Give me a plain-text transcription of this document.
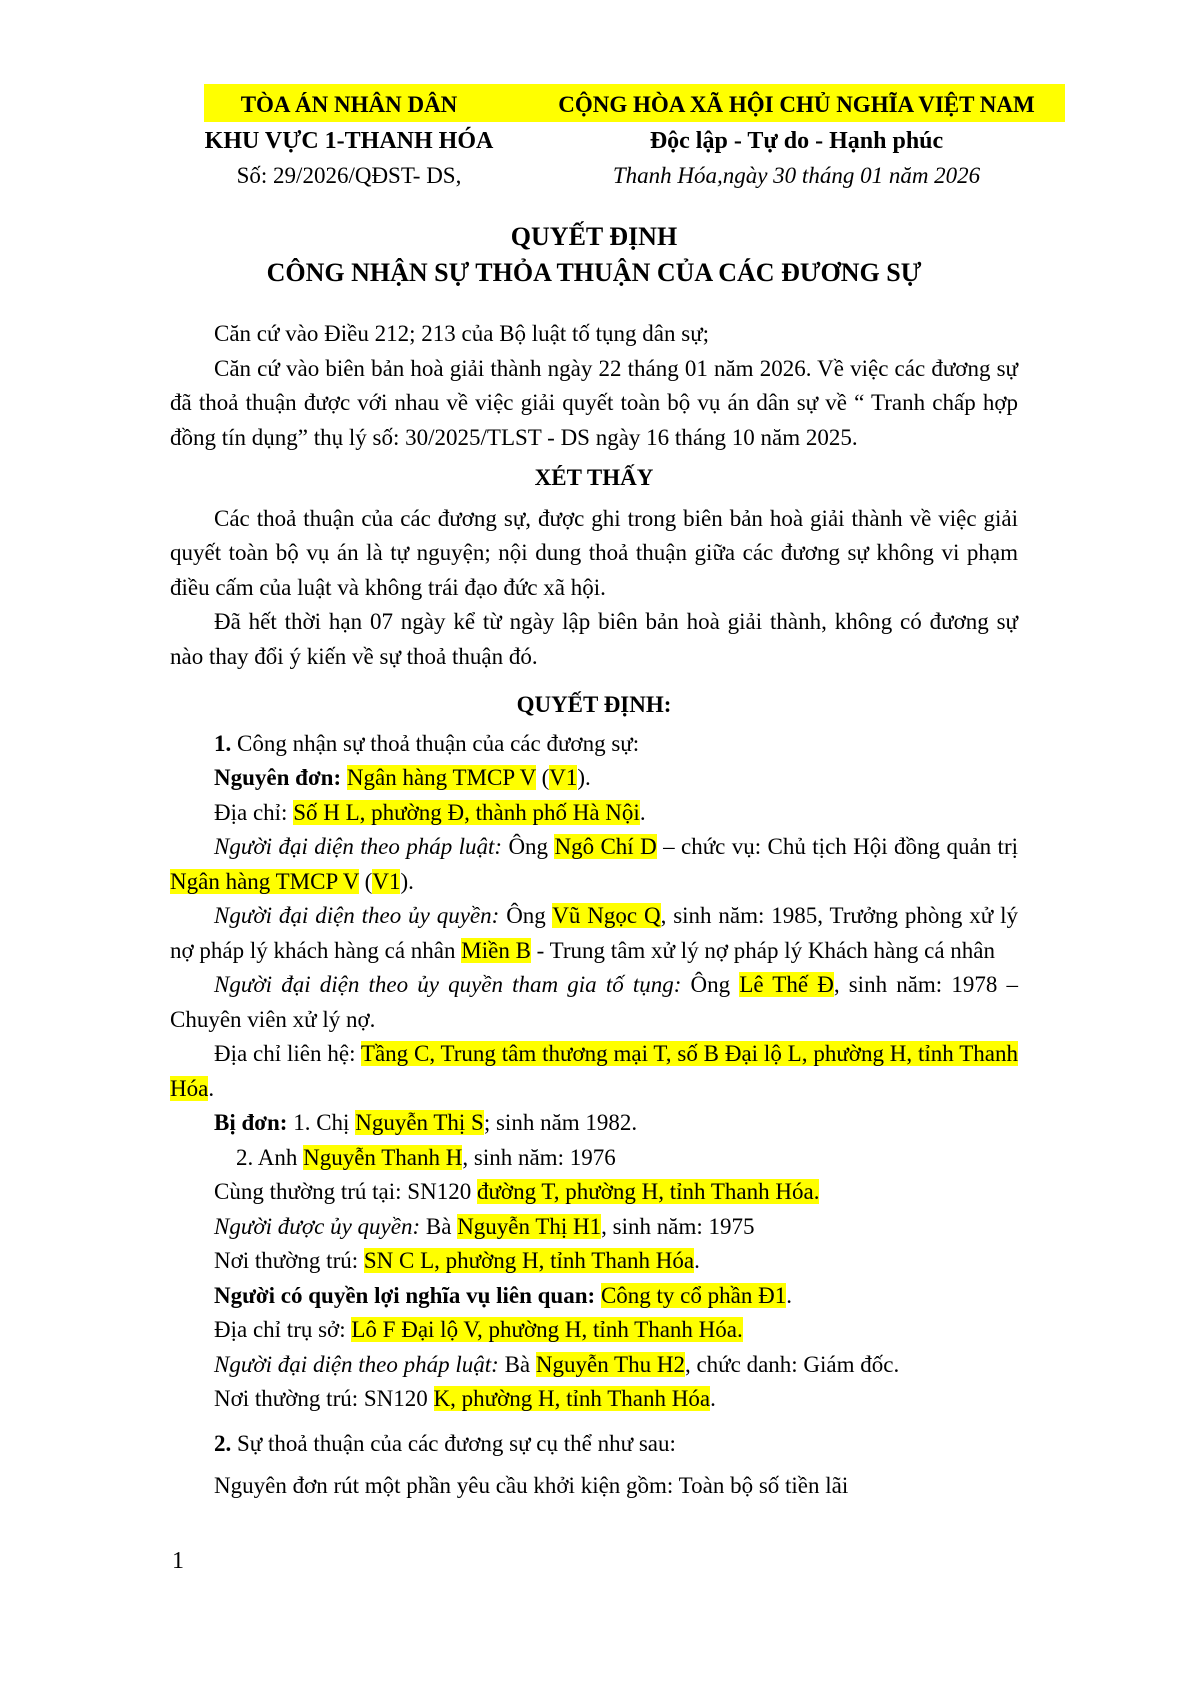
TÒA ÁN NHÂN DÂN
KHU VỰC 1-THANH HÓA
Số: 29/2026/QĐST- DS,
CỘNG HÒA XÃ HỘI CHỦ NGHĨA VIỆT NAM
Độc lập - Tự do - Hạnh phúc
Thanh Hóa,ngày 30 tháng 01 năm 2026
QUYẾT ĐỊNH
CÔNG NHẬN SỰ THỎA THUẬN CỦA CÁC ĐƯƠNG SỰ

Căn cứ vào Điều 212; 213 của Bộ luật tố tụng dân sự;

Căn cứ vào biên bản hoà giải thành ngày 22 tháng 01 năm 2026. Về việc các đương sự đã thoả thuận được với nhau về việc giải quyết toàn bộ vụ án dân sự về “ Tranh chấp hợp đồng tín dụng” thụ lý số: 30/2025/TLST - DS ngày 16 tháng 10 năm 2025.

XÉT THẤY

Các thoả thuận của các đương sự, được ghi trong biên bản hoà giải thành về việc giải quyết toàn bộ vụ án là tự nguyện; nội dung thoả thuận giữa các đương sự không vi phạm điều cấm của luật và không trái đạo đức xã hội.

Đã hết thời hạn 07 ngày kể từ ngày lập biên bản hoà giải thành, không có đương sự nào thay đổi ý kiến về sự thoả thuận đó.

QUYẾT ĐỊNH:

1. Công nhận sự thoả thuận của các đương sự:

Nguyên đơn: Ngân hàng TMCP V (V1).

Địa chỉ: Số H L, phường Đ, thành phố Hà Nội.

Người đại diện theo pháp luật: Ông Ngô Chí D – chức vụ: Chủ tịch Hội đồng quản trị Ngân hàng TMCP V (V1).

Người đại diện theo ủy quyền: Ông Vũ Ngọc Q, sinh năm: 1985, Trưởng phòng xử lý nợ pháp lý khách hàng cá nhân Miền B - Trung tâm xử lý nợ pháp lý Khách hàng cá nhân

Người đại diện theo ủy quyền tham gia tố tụng: Ông Lê Thế Đ, sinh năm: 1978 – Chuyên viên xử lý nợ.

Địa chỉ liên hệ: Tầng C, Trung tâm thương mại T, số B Đại lộ L, phường H, tỉnh Thanh Hóa.

Bị đơn: 1. Chị Nguyễn Thị S; sinh năm 1982.

2. Anh Nguyễn Thanh H, sinh năm: 1976

Cùng thường trú tại: SN120 đường T, phường H, tỉnh Thanh Hóa.

Người được ủy quyền: Bà Nguyễn Thị H1, sinh năm: 1975

Nơi thường trú: SN C L, phường H, tỉnh Thanh Hóa.

Người có quyền lợi nghĩa vụ liên quan: Công ty cổ phần Đ1.

Địa chỉ trụ sở: Lô F Đại lộ V, phường H, tỉnh Thanh Hóa.

Người đại diện theo pháp luật: Bà Nguyễn Thu H2, chức danh: Giám đốc.

Nơi thường trú: SN120 K, phường H, tỉnh Thanh Hóa.

2. Sự thoả thuận của các đương sự cụ thể như sau:

Nguyên đơn rút một phần yêu cầu khởi kiện gồm: Toàn bộ số tiền lãi

1
